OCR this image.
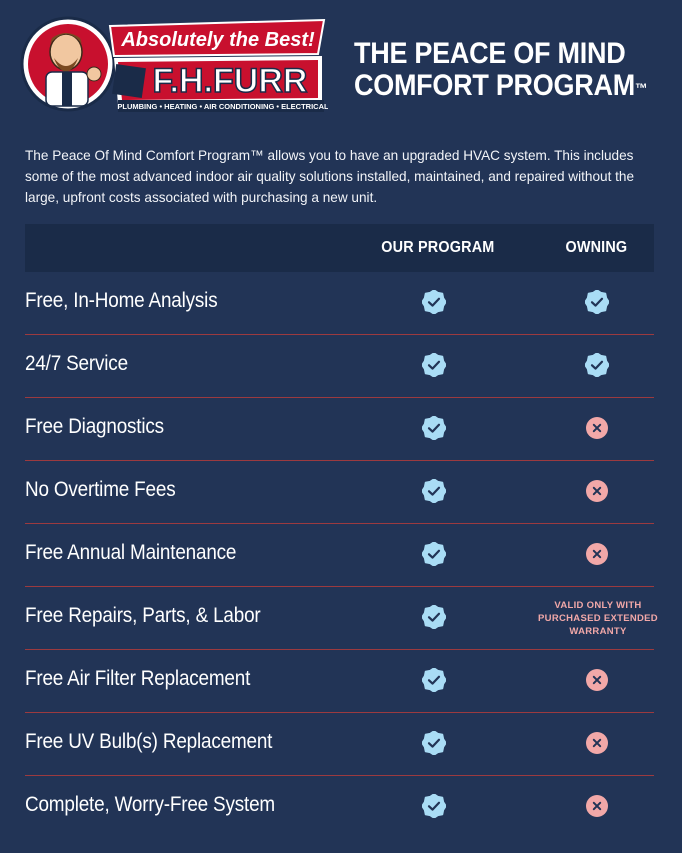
Absolutely the Best!
F.H.FURR
PLUMBING • HEATING • AIR CONDITIONING • ELECTRICAL
THE PEACE OF MIND
COMFORT PROGRAM™
The Peace Of Mind Comfort Program™ allows you to have an upgraded HVAC system. This includes some of the most advanced indoor air quality solutions installed, maintained, and repaired without the large, upfront costs associated with purchasing a new unit.
OUR PROGRAM	OWNING
Free, In-Home Analysis
24/7 Service
Free Diagnostics
No Overtime Fees
Free Annual Maintenance
Free Repairs, Parts, & Labor	VALID ONLY WITH PURCHASED EXTENDED WARRANTY
Free Air Filter Replacement
Free UV Bulb(s) Replacement
Complete, Worry-Free System
